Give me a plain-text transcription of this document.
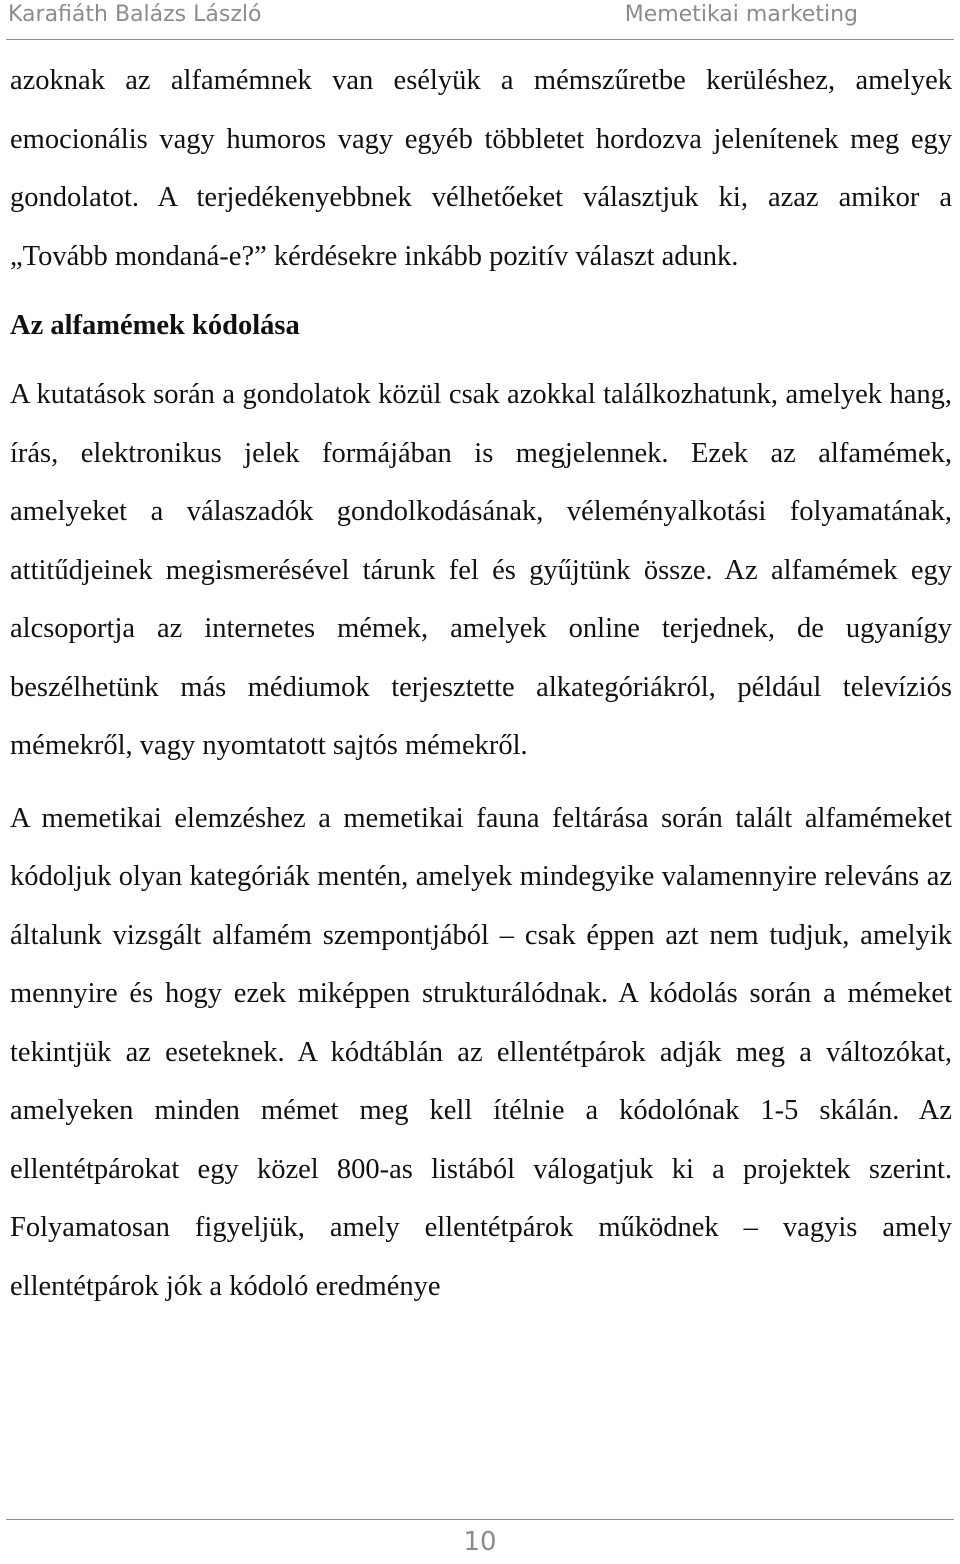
Karafiáth Balázs László	Memetikai marketing

azoknak az alfamémnek van esélyük a mémszűretbe kerüléshez, amelyek emocionális vagy humoros vagy egyéb többletet hordozva jelenítenek meg egy gondolatot. A terjedékenyebbnek vélhetőeket választjuk ki, azaz amikor a „Tovább mondaná-e?” kérdésekre inkább pozitív választ adunk.

Az alfamémek kódolása

A kutatások során a gondolatok közül csak azokkal találkozhatunk, amelyek hang, írás, elektronikus jelek formájában is megjelennek. Ezek az alfamémek, amelyeket a válaszadók gondolkodásának, véleményalkotási folyamatának, attitűdjeinek megismerésével tárunk fel és gyűjtünk össze. Az alfamémek egy alcsoportja az internetes mémek, amelyek online terjednek, de ugyanígy beszélhetünk más médiumok terjesztette alkategóriákról, például televíziós mémekről, vagy nyomtatott sajtós mémekről.

A memetikai elemzéshez a memetikai fauna feltárása során talált alfamémeket kódoljuk olyan kategóriák mentén, amelyek mindegyike valamennyire releváns az általunk vizsgált alfamém szempontjából – csak éppen azt nem tudjuk, amelyik mennyire és hogy ezek miképpen strukturálódnak. A kódolás során a mémeket tekintjük az eseteknek. A kódtáblán az ellentétpárok adják meg a változókat, amelyeken minden mémet meg kell ítélnie a kódolónak 1-5 skálán. Az ellentétpárokat egy közel 800-as listából válogatjuk ki a projektek szerint. Folyamatosan figyeljük, amely ellentétpárok működnek – vagyis amely ellentétpárok jók a kódoló eredménye

10
